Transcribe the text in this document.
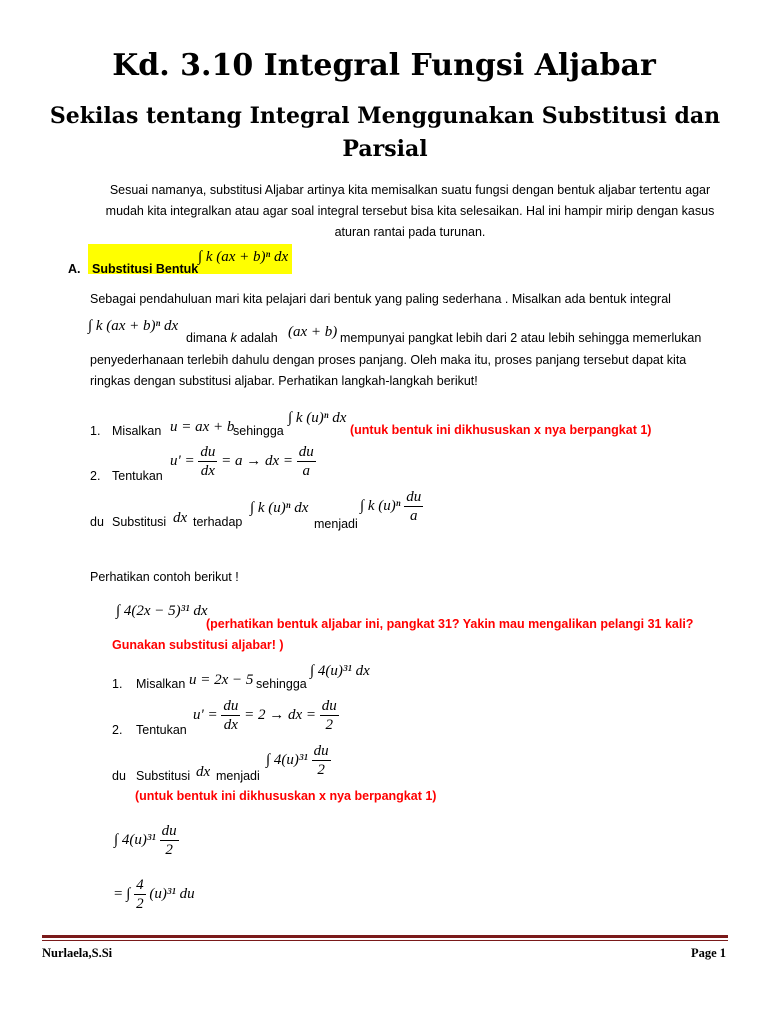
Kd. 3.10 Integral Fungsi Aljabar
Sekilas tentang Integral Menggunakan Substitusi dan Parsial
Sesuai namanya, substitusi Aljabar artinya kita memisalkan suatu fungsi dengan bentuk aljabar tertentu agar mudah kita integralkan atau agar soal integral tersebut bisa kita selesaikan. Hal ini hampir mirip dengan kasus aturan rantai pada turunan.
A. Substitusi Bentuk
∫ k (ax + b)ⁿ dx
Sebagai pendahuluan mari kita pelajari dari bentuk yang paling sederhana . Misalkan ada bentuk integral
∫ k (ax + b)ⁿ dx
dimana k adalah (ax + b) mempunyai pangkat lebih dari 2 atau lebih sehingga memerlukan
penyederhanaan terlebih dahulu dengan proses panjang. Oleh maka itu, proses panjang tersebut dapat kita ringkas dengan substitusi aljabar. Perhatikan langkah-langkah berikut!
1. Misalkan u = ax + b
sehingga
∫ k (u)ⁿ dx
(untuk bentuk ini dikhususkan x nya berpangkat 1)
2. Tentukan
$u' = \frac{du}{dx} = a$ → dx = $\frac{du}{a}$
du Substitusi dx terhadap
∫ k (u)ⁿ dx
menjadi
∫ k $(u)^n \frac{du}{a}$
Perhatikan contoh berikut !
∫ 4(2x − 5)³¹ dx
(perhatikan bentuk aljabar ini, pangkat 31? Yakin mau mengalikan pelangi 31 kali?
Gunakan substitusi aljabar! )
1. Misalkan u = 2x − 5 sehingga
∫ 4(u)³¹ dx
2. Tentukan
$u' = \frac{du}{dx} = 2$ → dx = $\frac{du}{2}$
du Substitusi dx menjadi
∫ $4(u)^{31} \frac{du}{2}$
(untuk bentuk ini dikhususkan x nya berpangkat 1)
∫ $4(u)^{31} \frac{du}{2}$
= ∫ $\frac{4}{2} (u)^{31}$ du
Nurlaela,S.Si	Page 1
